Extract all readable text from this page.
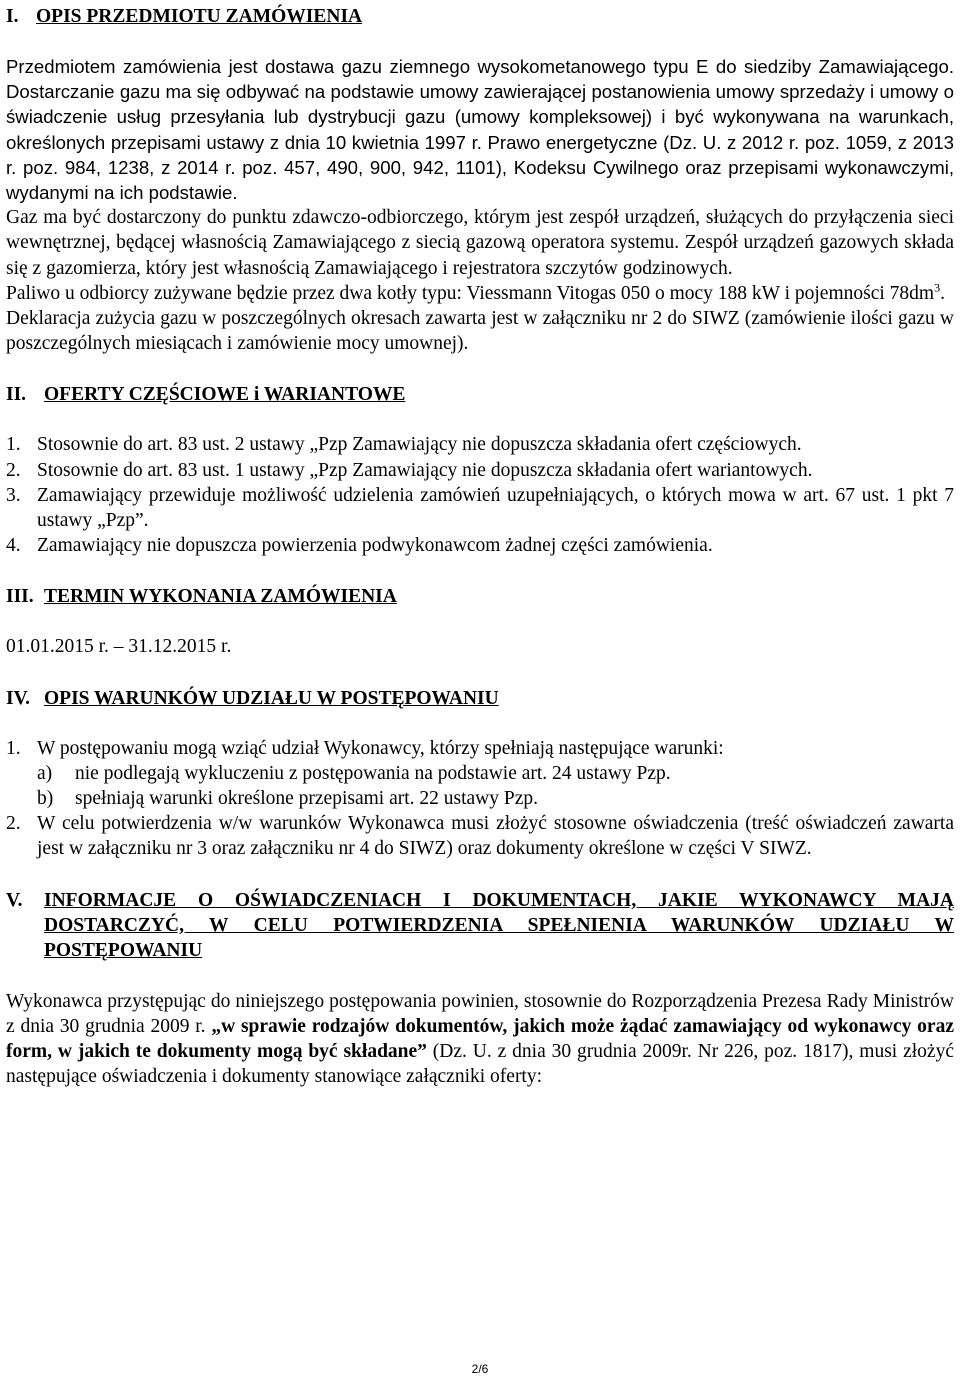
I. OPIS PRZEDMIOTU ZAMÓWIENIA

Przedmiotem zamówienia jest dostawa gazu ziemnego wysokometanowego typu E do siedziby Zamawiającego. Dostarczanie gazu ma się odbywać na podstawie umowy zawierającej postanowienia umowy sprzedaży i umowy o świadczenie usług przesyłania lub dystrybucji gazu (umowy kompleksowej) i być wykonywana na warunkach, określonych przepisami ustawy z dnia 10 kwietnia 1997 r. Prawo energetyczne (Dz. U. z 2012 r. poz. 1059, z 2013 r. poz. 984, 1238, z 2014 r. poz. 457, 490, 900, 942, 1101), Kodeksu Cywilnego oraz przepisami wykonawczymi, wydanymi na ich podstawie.

Gaz ma być dostarczony do punktu zdawczo-odbiorczego, którym jest zespół urządzeń, służących do przyłączenia sieci wewnętrznej, będącej własnością Zamawiającego z siecią gazową operatora systemu. Zespół urządzeń gazowych składa się z gazomierza, który jest własnością Zamawiającego i rejestratora szczytów godzinowych.

Paliwo u odbiorcy zużywane będzie przez dwa kotły typu: Viessmann Vitogas 050 o mocy 188 kW i pojemności $78dm^3$.

Deklaracja zużycia gazu w poszczególnych okresach zawarta jest w załączniku nr 2 do SIWZ (zamówienie ilości gazu w poszczególnych miesiącach i zamówienie mocy umownej).

II. OFERTY CZĘŚCIOWE i WARIANTOWE
1. Stosownie do art. 83 ust. 2 ustawy „Pzp Zamawiający nie dopuszcza składania ofert częściowych.
2. Stosownie do art. 83 ust. 1 ustawy „Pzp Zamawiający nie dopuszcza składania ofert wariantowych.
3. Zamawiający przewiduje możliwość udzielenia zamówień uzupełniających, o których mowa w art. 67 ust. 1 pkt 7 ustawy „Pzp”.
4. Zamawiający nie dopuszcza powierzenia podwykonawcom żadnej części zamówienia.
III. TERMIN WYKONANIA ZAMÓWIENIA

01.01.2015 r. – 31.12.2015 r.

IV. OPIS WARUNKÓW UDZIAŁU W POSTĘPOWANIU
1. W postępowaniu mogą wziąć udział Wykonawcy, którzy spełniają następujące warunki:
a)	nie podlegają wykluczeniu z postępowania na podstawie art. 24 ustawy Pzp.
b)	spełniają warunki określone przepisami art. 22 ustawy Pzp.
2. W celu potwierdzenia w/w warunków Wykonawca musi złożyć stosowne oświadczenia (treść oświadczeń zawarta jest w załączniku nr 3 oraz załączniku nr 4 do SIWZ) oraz dokumenty określone w części V SIWZ.
V.	INFORMACJE O OŚWIADCZENIACH I DOKUMENTACH, JAKIE WYKONAWCY MAJĄ DOSTARCZYĆ, W CELU POTWIERDZENIA SPEŁNIENIA WARUNKÓW UDZIAŁU W POSTĘPOWANIU

Wykonawca przystępując do niniejszego postępowania powinien, stosownie do Rozporządzenia Prezesa Rady Ministrów z dnia 30 grudnia 2009 r. „w sprawie rodzajów dokumentów, jakich może żądać zamawiający od wykonawcy oraz form, w jakich te dokumenty mogą być składane” (Dz. U. z dnia 30 grudnia 2009r. Nr 226, poz. 1817), musi złożyć następujące oświadczenia i dokumenty stanowiące załączniki oferty:

2/6
